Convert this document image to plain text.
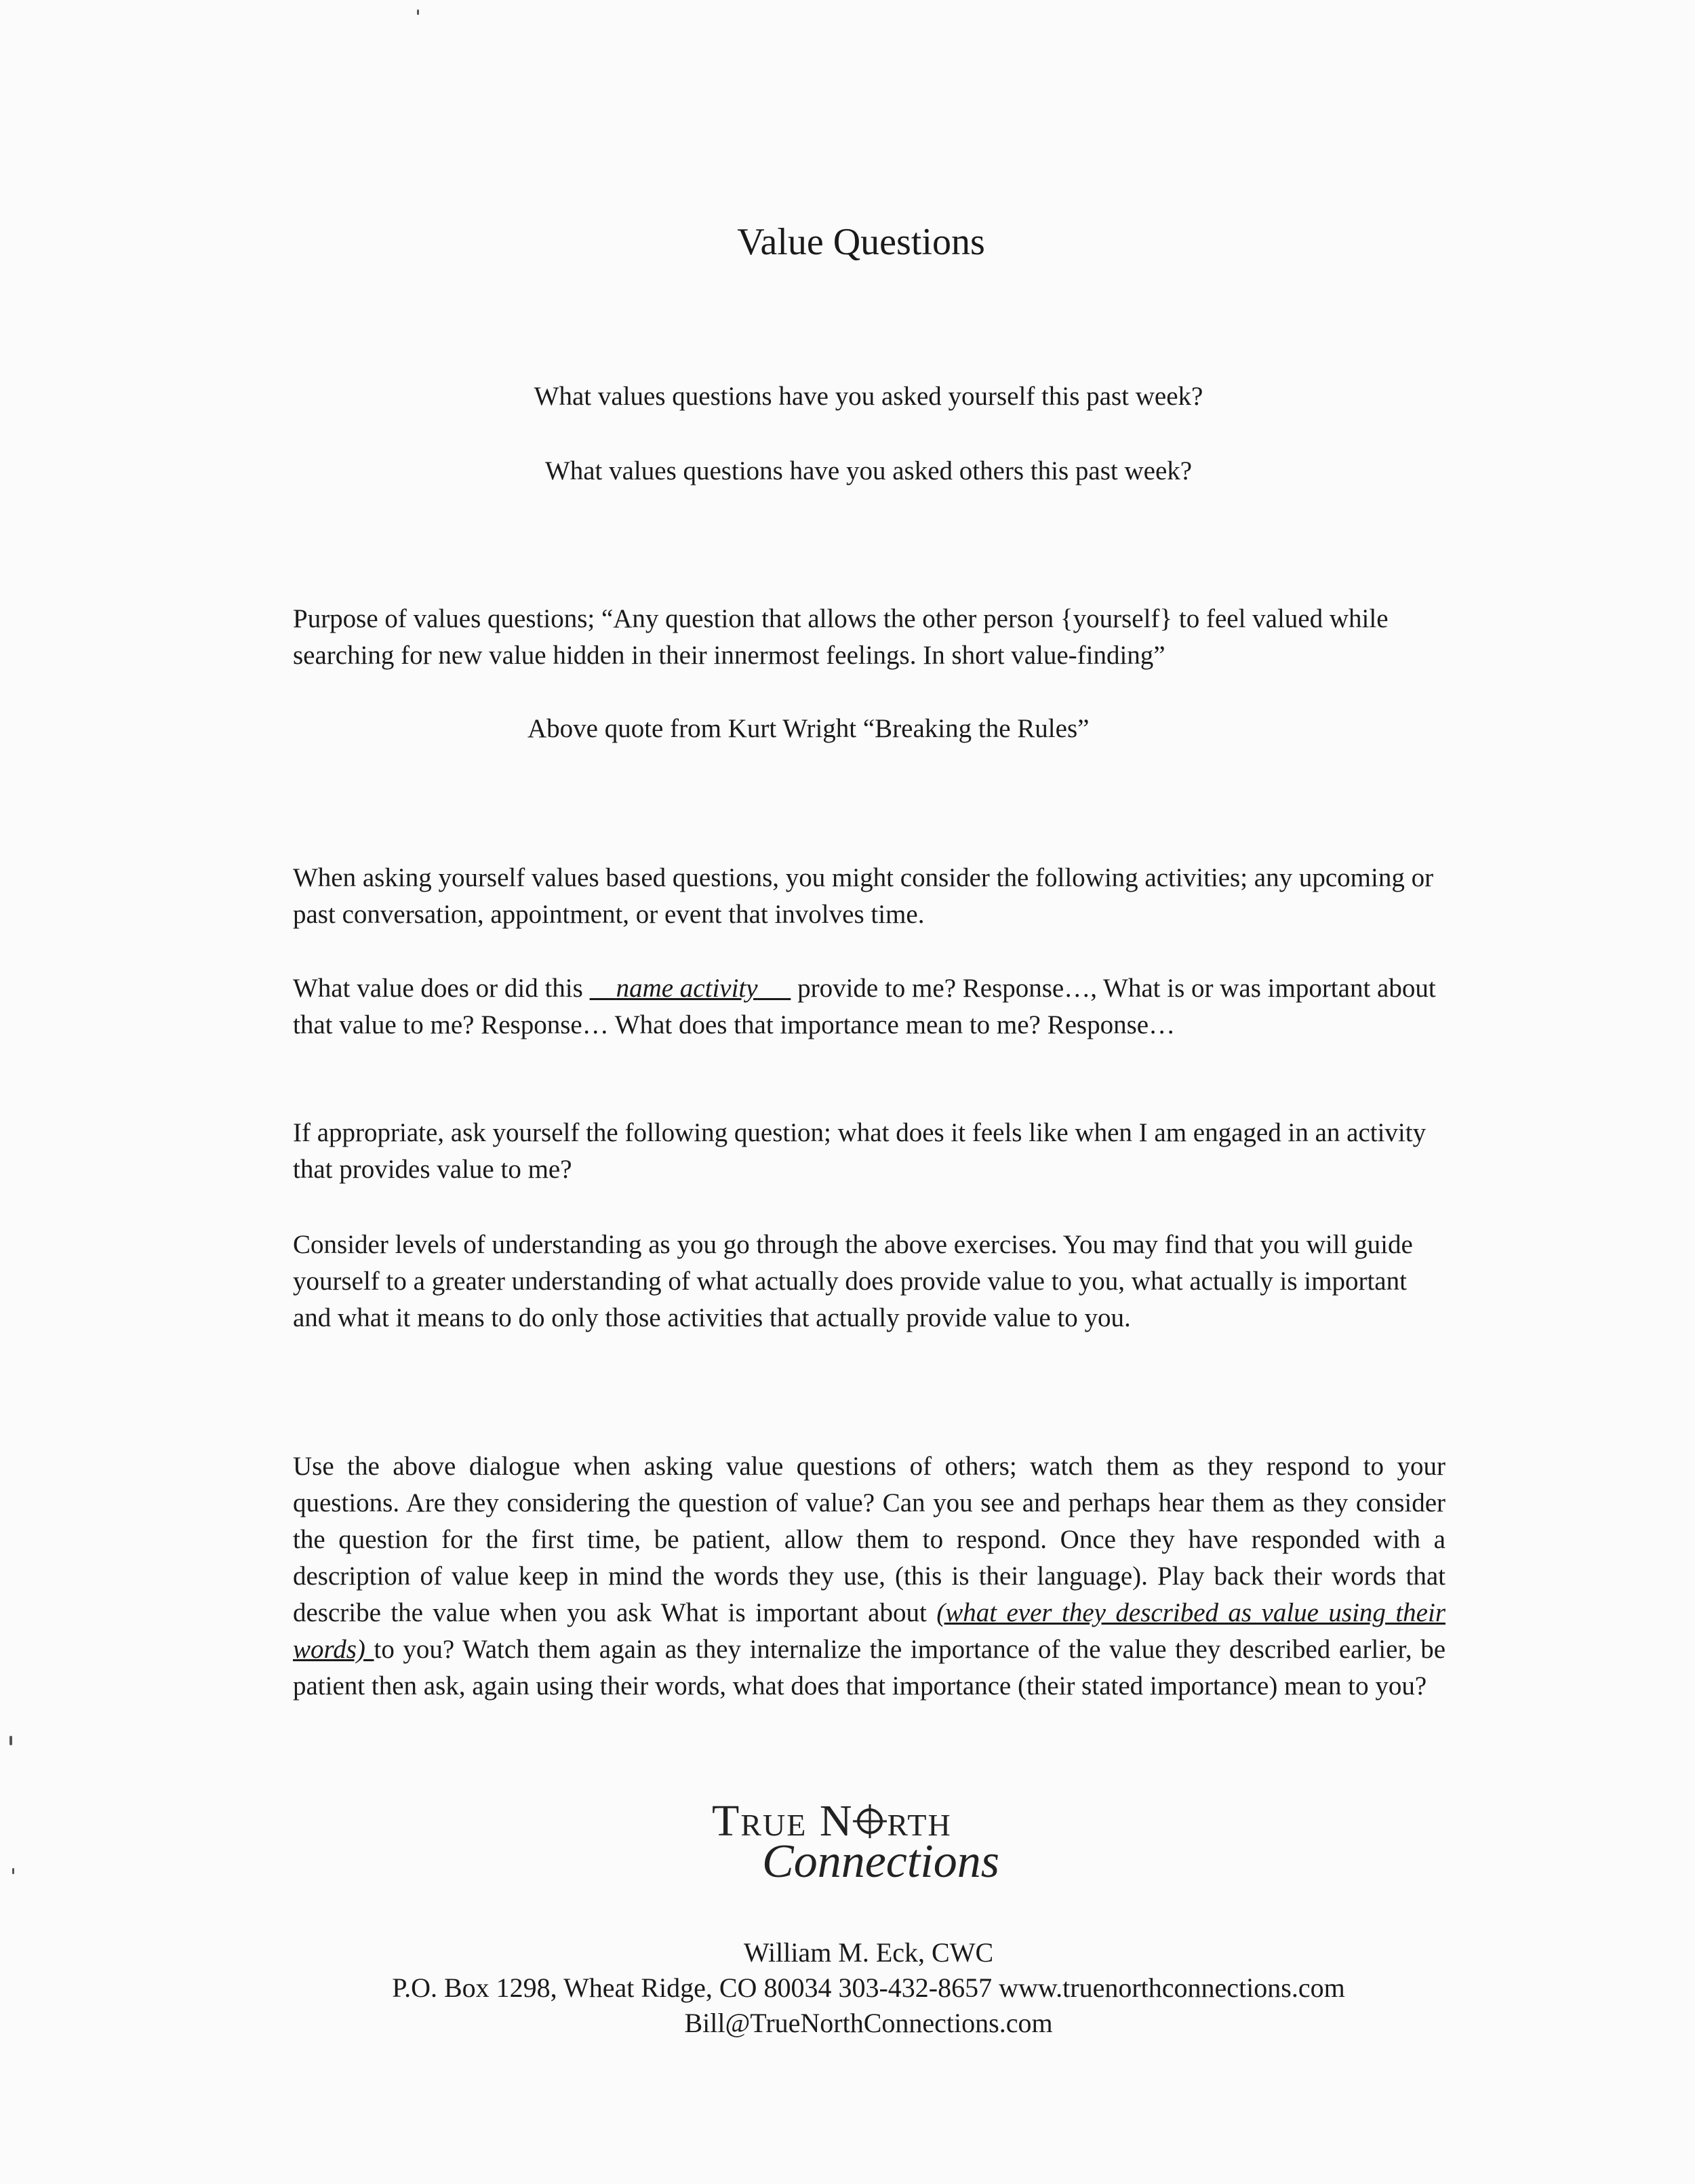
Value Questions
What values questions have you asked yourself this past week?
What values questions have you asked others this past week?
Purpose of values questions; “Any question that allows the other person {yourself} to feel valued while searching for new value hidden in their innermost feelings. In short value-finding”
Above quote from Kurt Wright “Breaking the Rules”
When asking yourself values based questions, you might consider the following activities; any upcoming or past conversation, appointment, or event that involves time.
What value does or did this     name activity      provide to me? Response…, What is or was important about that value to me? Response… What does that importance mean to me? Response…
If appropriate, ask yourself the following question; what does it feels like when I am engaged in an activity that provides value to me?
Consider levels of understanding as you go through the above exercises. You may find that you will guide yourself to a greater understanding of what actually does provide value to you, what actually is important and what it means to do only those activities that actually provide value to you.
Use the above dialogue when asking value questions of others; watch them as they respond to your questions. Are they considering the question of value? Can you see and perhaps hear them as they consider the question for the first time, be patient, allow them to respond. Once they have responded with a description of value keep in mind the words they use, (this is their language). Play back their words that describe the value when you ask What is important about (what ever they described as value using their words) to you? Watch them again as they internalize the importance of the value they described earlier, be patient then ask, again using their words, what does that importance (their stated importance) mean to you?
True N rth
Connections
William M. Eck, CWC
P.O. Box 1298, Wheat Ridge, CO 80034 303-432-8657 www.truenorthconnections.com
Bill@TrueNorthConnections.com
